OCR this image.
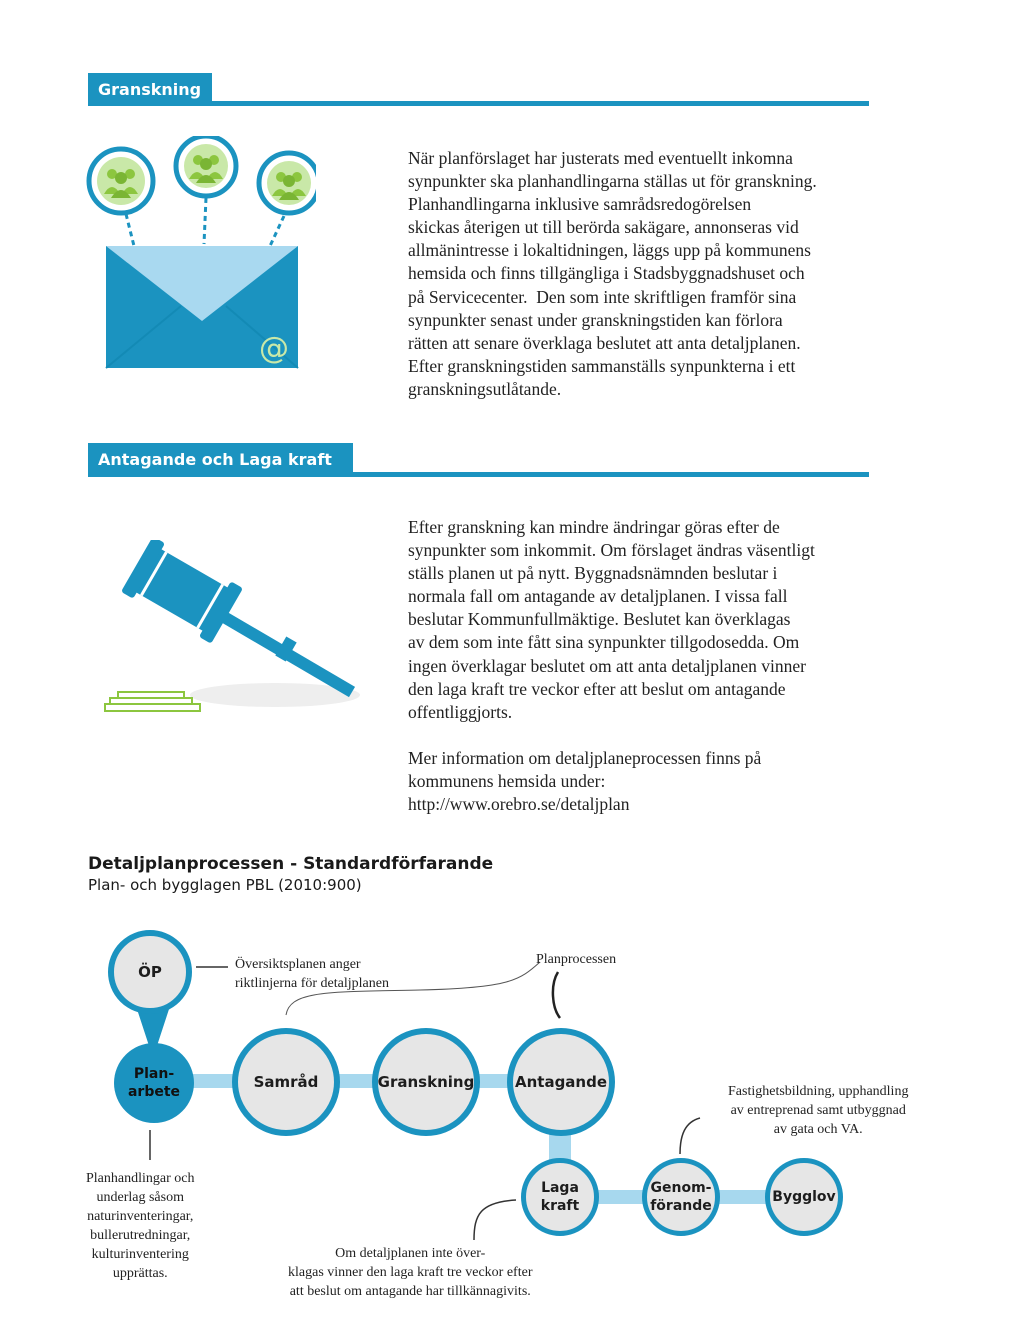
Granskning
@
När planförslaget har justerats med eventuellt inkomna
synpunkter ska planhandlingarna ställas ut för granskning.
Planhandlingarna inklusive samrådsredogörelsen
skickas återigen ut till berörda sakägare, annonseras vid
allmänintresse i lokaltidningen, läggs upp på kommunens
hemsida och finns tillgängliga i Stadsbyggnadshuset och
på Servicecenter.  Den som inte skriftligen framför sina
synpunkter senast under granskningstiden kan förlora
rätten att senare överklaga beslutet att anta detaljplanen.
Efter granskningstiden sammanställs synpunkterna i ett
granskningsutlåtande.
Antagande och Laga kraft
Efter granskning kan mindre ändringar göras efter de
synpunkter som inkommit. Om förslaget ändras väsentligt
ställs planen ut på nytt. Byggnadsnämnden beslutar i
normala fall om antagande av detaljplanen. I vissa fall
beslutar Kommunfullmäktige. Beslutet kan överklagas
av dem som inte fått sina synpunkter tillgodosedda. Om
ingen överklagar beslutet om att anta detaljplanen vinner
den laga kraft tre veckor efter att beslut om antagande
offentliggjorts.
Mer information om detaljplaneprocessen finns på
kommunens hemsida under:
http://www.orebro.se/detaljplan
Detaljplanprocessen - Standardförfarande
Plan- och bygglagen PBL (2010:900)
ÖP
Plan-
arbete
Samråd	Granskning	Antagande
Laga
kraft
Genom-
förande
Bygglov
Översiktsplanen anger
riktlinjerna för detaljplanen
Planprocessen
Fastighetsbildning, upphandling
av entreprenad samt utbyggnad
av gata och VA.
Planhandlingar och
underlag såsom
naturinventeringar,
bullerutredningar,
kulturinventering
upprättas.
Om detaljplanen inte över-
klagas vinner den laga kraft tre veckor efter
att beslut om antagande har tillkännagivits.
